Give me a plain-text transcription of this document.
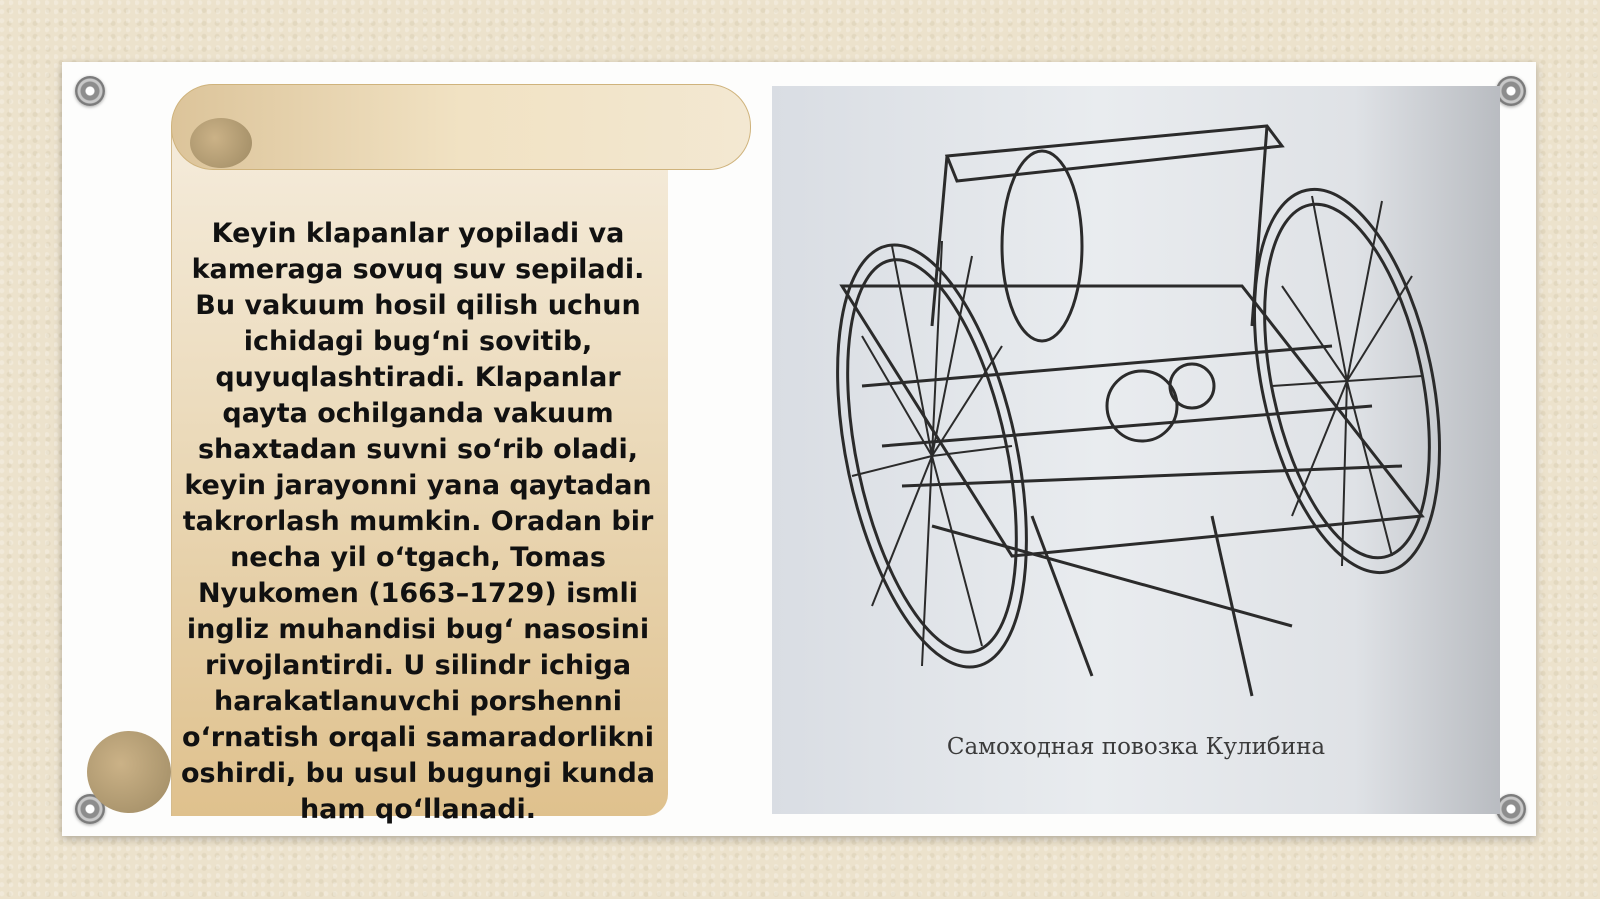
Keyin klapanlar yopiladi va kameraga sovuq suv sepiladi. Bu vakuum hosil qilish uchun ichidagi bug‘ni sovitib, quyuqlashtiradi. Klapanlar qayta ochilganda vakuum shaxtadan suvni so‘rib oladi, keyin jarayonni yana qaytadan takrorlash mumkin. Oradan bir necha yil o‘tgach, Tomas Nyukomen (1663–1729) ismli ingliz muhandisi bug‘ nasosini rivojlantirdi. U silindr ichiga harakatlanuvchi porshenni o‘rnatish orqali samaradorlikni oshirdi, bu usul bugungi kunda ham qo‘llanadi.

Самоходная повозка Кулибина
